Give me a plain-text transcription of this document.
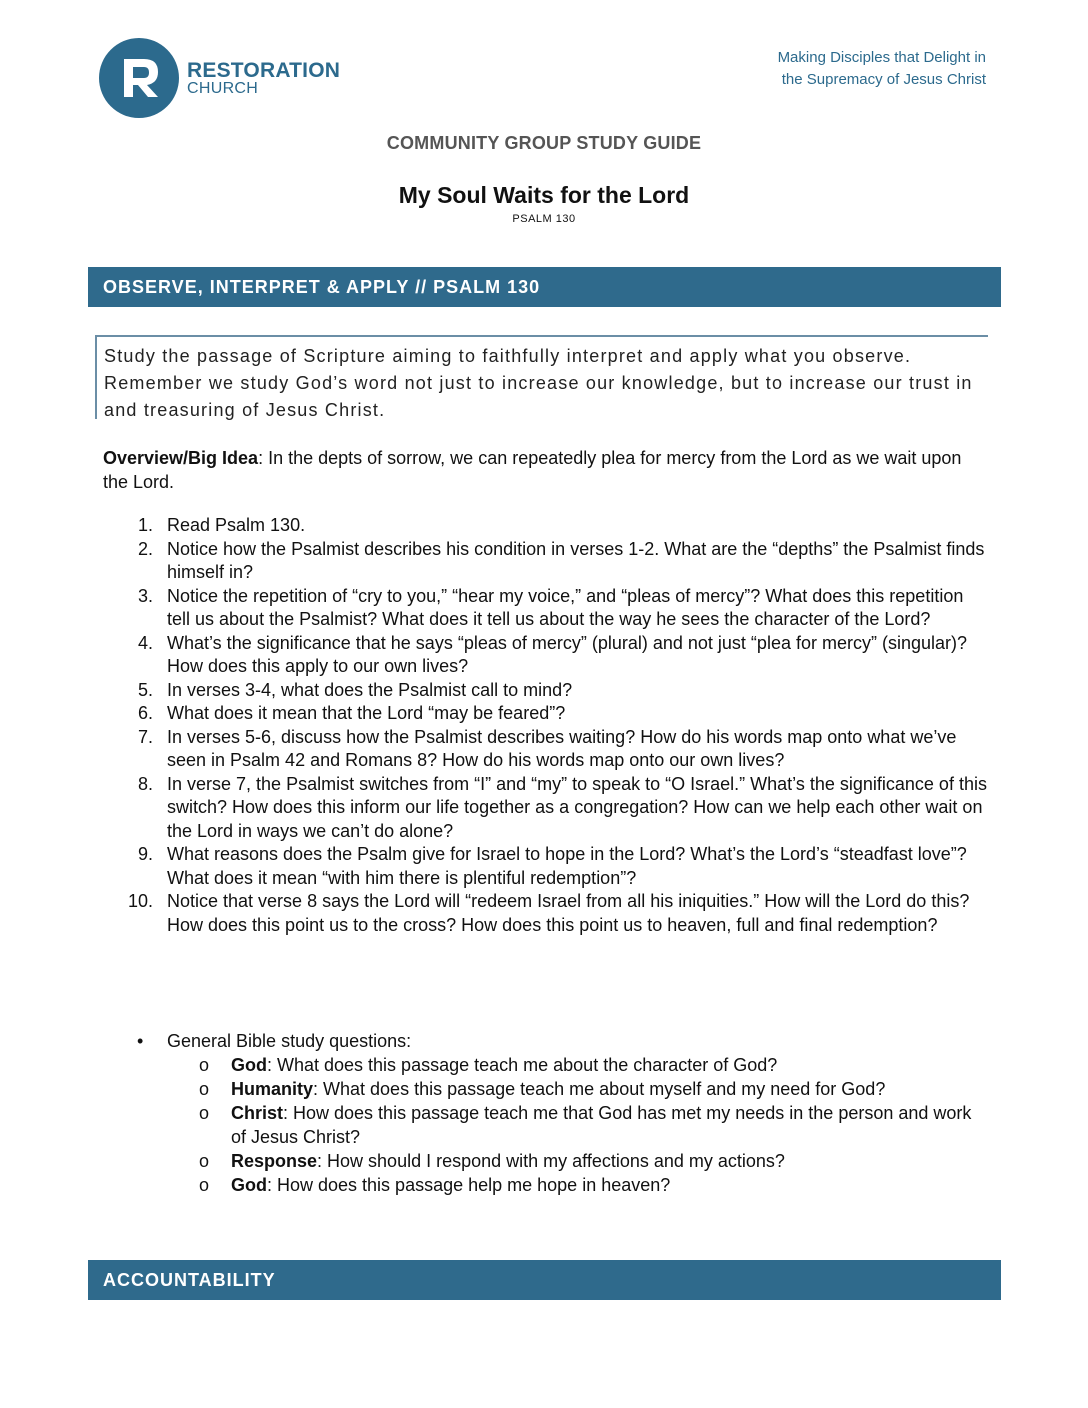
RESTORATION
CHURCH
Making Disciples that Delight in
the Supremacy of Jesus Christ
COMMUNITY GROUP STUDY GUIDE
My Soul Waits for the Lord
PSALM 130
OBSERVE, INTERPRET & APPLY // PSALM 130
Study the passage of Scripture aiming to faithfully interpret and apply what you observe. Remember we study God’s word not just to increase our knowledge, but to increase our trust in and treasuring of Jesus Christ.
Overview/Big Idea: In the depts of sorrow, we can repeatedly plea for mercy from the Lord as we wait upon the Lord.
1. Read Psalm 130.
2. Notice how the Psalmist describes his condition in verses 1-2. What are the “depths” the Psalmist finds himself in?
3. Notice the repetition of “cry to you,” “hear my voice,” and “pleas of mercy”? What does this repetition tell us about the Psalmist? What does it tell us about the way he sees the character of the Lord?
4. What’s the significance that he says “pleas of mercy” (plural) and not just “plea for mercy” (singular)? How does this apply to our own lives?
5. In verses 3-4, what does the Psalmist call to mind?
6. What does it mean that the Lord “may be feared”?
7. In verses 5-6, discuss how the Psalmist describes waiting? How do his words map onto what we’ve seen in Psalm 42 and Romans 8? How do his words map onto our own lives?
8. In verse 7, the Psalmist switches from “I” and “my” to speak to “O Israel.” What’s the significance of this switch? How does this inform our life together as a congregation? How can we help each other wait on the Lord in ways we can’t do alone?
9. What reasons does the Psalm give for Israel to hope in the Lord? What’s the Lord’s “steadfast love”? What does it mean “with him there is plentiful redemption”?
10. Notice that verse 8 says the Lord will “redeem Israel from all his iniquities.” How will the Lord do this? How does this point us to the cross? How does this point us to heaven, full and final redemption?
• General Bible study questions:
o God: What does this passage teach me about the character of God?
o Humanity: What does this passage teach me about myself and my need for God?
o Christ: How does this passage teach me that God has met my needs in the person and work of Jesus Christ?
o Response: How should I respond with my affections and my actions?
o God: How does this passage help me hope in heaven?
ACCOUNTABILITY
